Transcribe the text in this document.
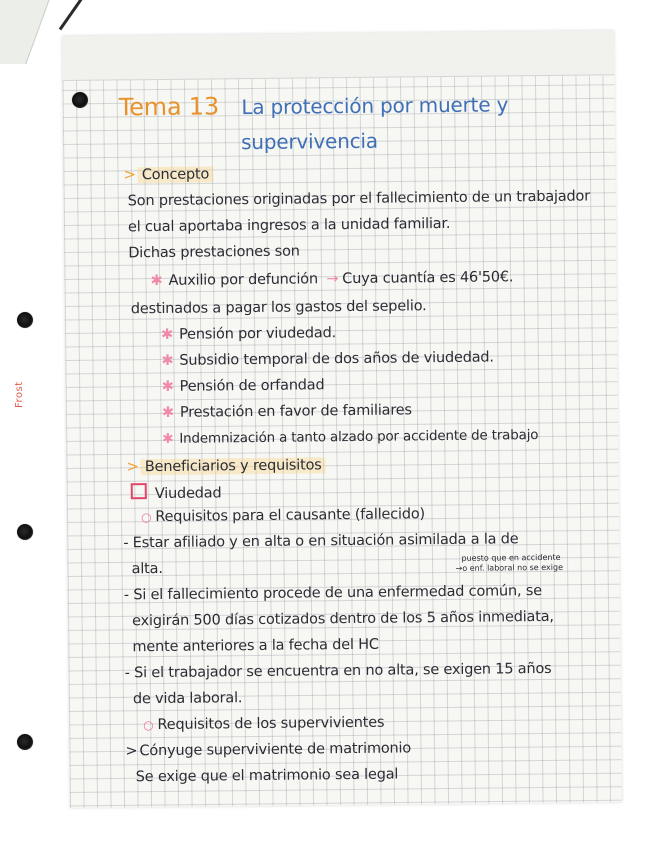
Tema 13 La protección por muerte y
supervivencia
> Concepto
Son prestaciones originadas por el fallecimiento de un trabajador
el cual aportaba ingresos a la unidad familiar.
Dichas prestaciones son
✱ Auxilio por defunción → Cuya cuantía es 46'50€.
destinados a pagar los gastos del sepelio.
✱ Pensión por viudedad.
✱ Subsidio temporal de dos años de viudedad.
✱ Pensión de orfandad
✱ Prestación en favor de familiares
✱ Indemnización a tanto alzado por accidente de trabajo
> Beneficiarios y requisitos
Viudedad
○ Requisitos para el causante (fallecido)
- Estar afiliado y en alta o en situación asimilada a la de
alta.
puesto que en accidente
→o enf. laboral no se exige
- Si el fallecimiento procede de una enfermedad común, se
exigirán 500 días cotizados dentro de los 5 años inmediata,
mente anteriores a la fecha del HC
- Si el trabajador se encuentra en no alta, se exigen 15 años
de vida laboral.
○ Requisitos de los supervivientes
> Cónyuge superviviente de matrimonio
Se exige que el matrimonio sea legal
Frost
